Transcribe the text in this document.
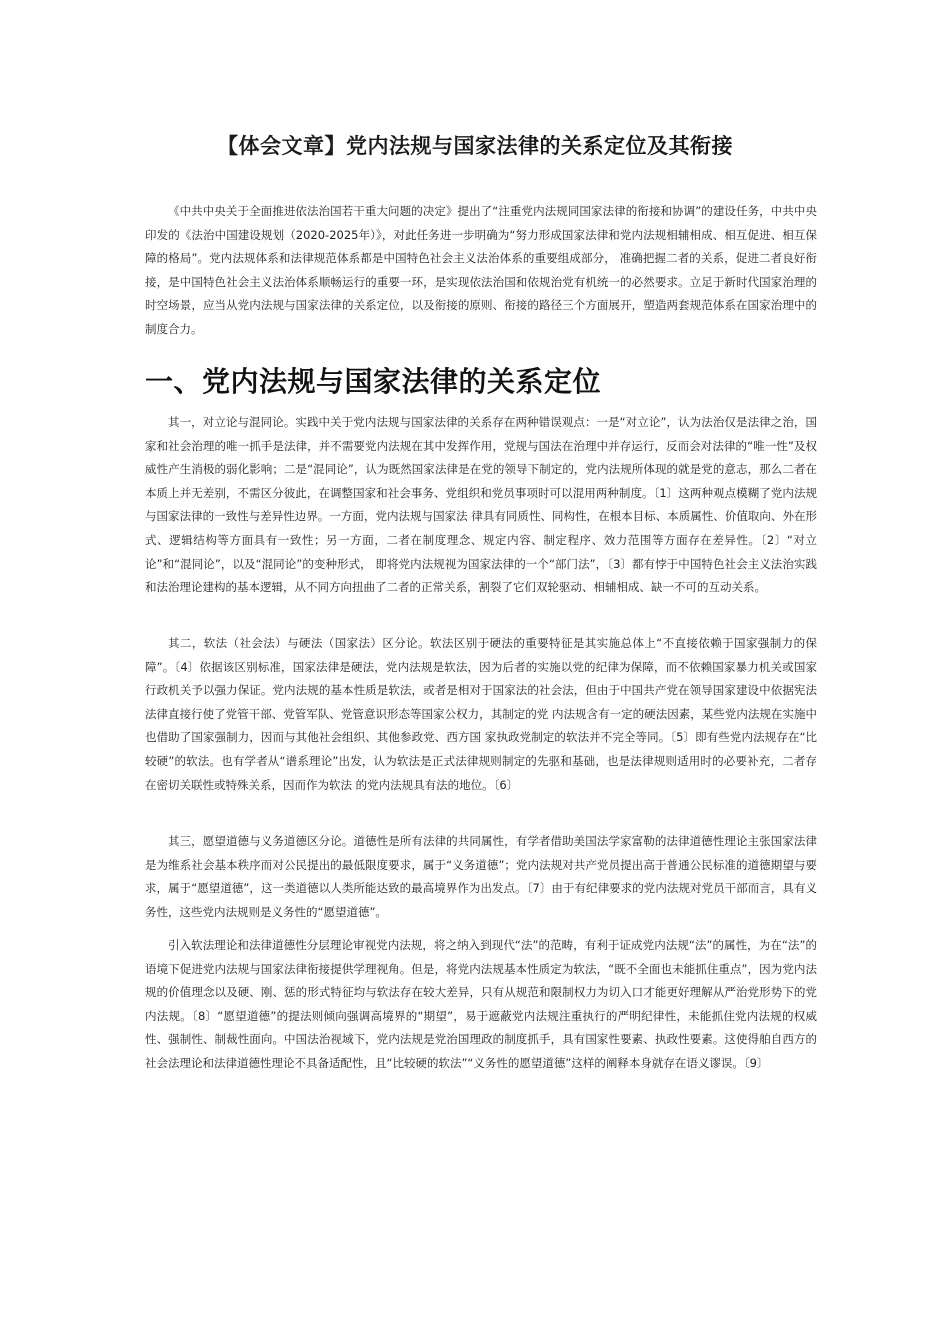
【体会文章】党内法规与国家法律的关系定位及其衔接

《中共中央关于全面推进依法治国若干重大问题的决定》提出了“注重党内法规同国家法律的衔接和协调”的建设任务，中共中央印发的《法治中国建设规划（2020-2025年）》，对此任务进一步明确为“努力形成国家法律和党内法规相辅相成、相互促进、相互保障的格局”。党内法规体系和法律规范体系都是中国特色社会主义法治体系的重要组成部分， 准确把握二者的关系，促进二者良好衔接，是中国特色社会主义法治体系顺畅运行的重要一环，是实现依法治国和依规治党有机统一的必然要求。立足于新时代国家治理的时空场景，应当从党内法规与国家法律的关系定位，以及衔接的原则、衔接的路径三个方面展开，塑造两套规范体系在国家治理中的制度合力。

一、党内法规与国家法律的关系定位

其一，对立论与混同论。实践中关于党内法规与国家法律的关系存在两种错误观点：一是“对立论”，认为法治仅是法律之治，国家和社会治理的唯一抓手是法律，并不需要党内法规在其中发挥作用，党规与国法在治理中并存运行，反而会对法律的“唯一性”及权威性产生消极的弱化影响；二是“混同论”，认为既然国家法律是在党的领导下制定的，党内法规所体现的就是党的意志，那么二者在本质上并无差别，不需区分彼此，在调整国家和社会事务、党组织和党员事项时可以混用两种制度。〔1〕这两种观点模糊了党内法规与国家法律的一致性与差异性边界。一方面，党内法规与国家法 律具有同质性、同构性，在根本目标、本质属性、价值取向、外在形式、逻辑结构等方面具有一致性；另一方面，二者在制度理念、规定内容、制定程序、效力范围等方面存在差异性。〔2〕“对立论”和“混同论”，以及“混同论”的变种形式， 即将党内法规视为国家法律的一个“部门法”，〔3〕都有悖于中国特色社会主义法治实践和法治理论建构的基本逻辑，从不同方向扭曲了二者的正常关系，割裂了它们双轮驱动、相辅相成、缺一不可的互动关系。

其二，软法（社会法）与硬法（国家法）区分论。软法区别于硬法的重要特征是其实施总体上“不直接依赖于国家强制力的保障”。〔4〕依据该区别标准，国家法律是硬法，党内法规是软法，因为后者的实施以党的纪律为保障，而不依赖国家暴力机关或国家行政机关予以强力保证。党内法规的基本性质是软法，或者是相对于国家法的社会法，但由于中国共产党在领导国家建设中依据宪法法律直接行使了党管干部、党管军队、党管意识形态等国家公权力，其制定的党 内法规含有一定的硬法因素，某些党内法规在实施中也借助了国家强制力，因而与其他社会组织、其他参政党、西方国 家执政党制定的软法并不完全等同。〔5〕即有些党内法规存在“比较硬”的软法。也有学者从“谱系理论”出发，认为软法是正式法律规则制定的先驱和基础，也是法律规则适用时的必要补充，二者存在密切关联性或特殊关系，因而作为软法 的党内法规具有法的地位。〔6〕

其三，愿望道德与义务道德区分论。道德性是所有法律的共同属性，有学者借助美国法学家富勒的法律道德性理论主张国家法律是为维系社会基本秩序而对公民提出的最低限度要求，属于“义务道德”；党内法规对共产党员提出高于普通公民标准的道德期望与要求，属于“愿望道德”，这一类道德以人类所能达致的最高境界作为出发点。〔7〕由于有纪律要求的党内法规对党员干部而言，具有义务性，这些党内法规则是义务性的“愿望道德”。

引入软法理论和法律道德性分层理论审视党内法规，将之纳入到现代“法”的范畴，有利于证成党内法规“法”的属性，为在“法”的语境下促进党内法规与国家法律衔接提供学理视角。但是，将党内法规基本性质定为软法，“既不全面也未能抓住重点”，因为党内法规的价值理念以及硬、刚、惩的形式特征均与软法存在较大差异，只有从规范和限制权力为切入口才能更好理解从严治党形势下的党内法规。〔8〕“愿望道德”的提法则倾向强调高境界的“期望”，易于遮蔽党内法规注重执行的严明纪律性，未能抓住党内法规的权威性、强制性、制裁性面向。中国法治视域下，党内法规是党治国理政的制度抓手，具有国家性要素、执政性要素。这使得舶自西方的社会法理论和法律道德性理论不具备适配性，且“比较硬的软法”“义务性的愿望道德”这样的阐释本身就存在语义谬误。〔9〕
